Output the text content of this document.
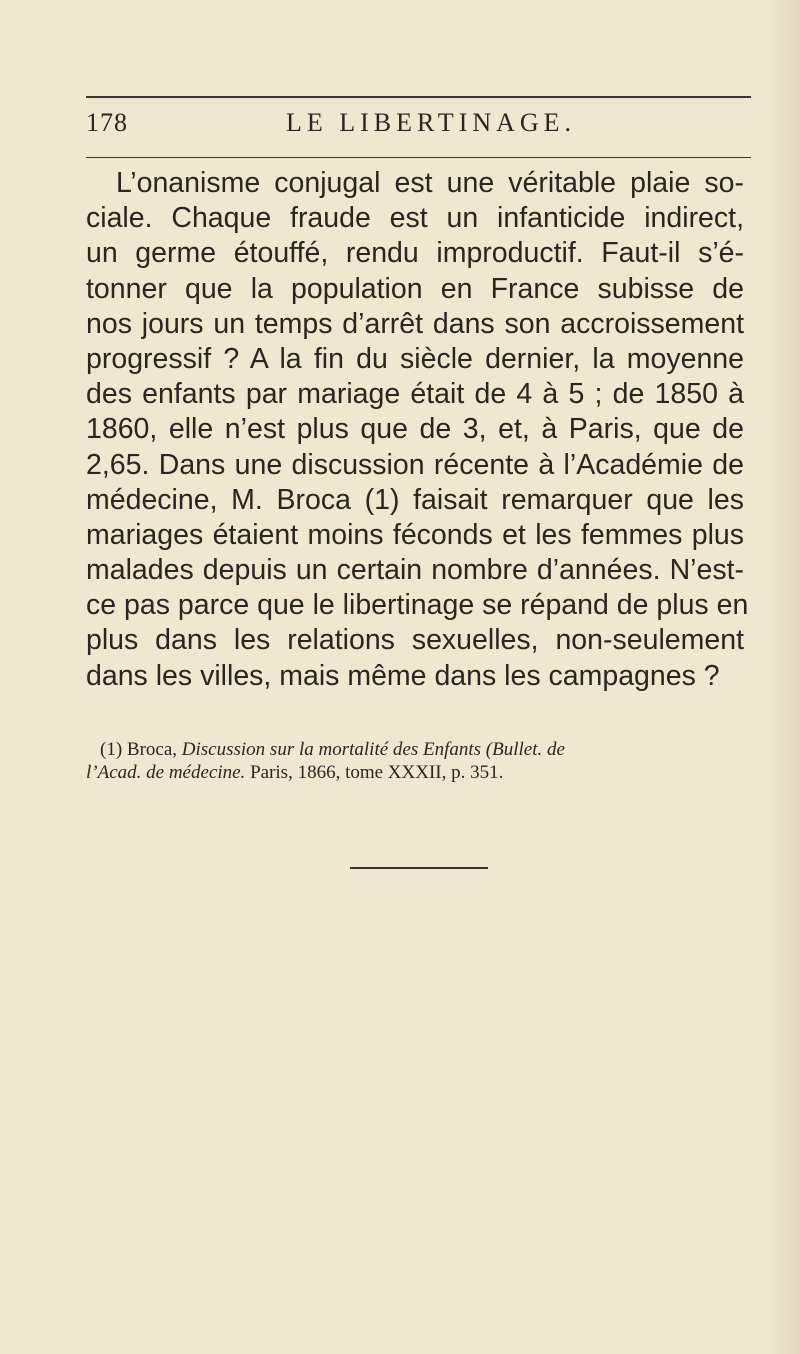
178	LE LIBERTINAGE.
L’onanisme conjugal est une véritable plaie so-
ciale. Chaque fraude est un infanticide indirect,
un germe étouffé, rendu improductif. Faut-il s’é-
tonner que la population en France subisse de
nos jours un temps d’arrêt dans son accroissement
progressif ? A la fin du siècle dernier, la moyenne
des enfants par mariage était de 4 à 5 ; de 1850 à
1860, elle n’est plus que de 3, et, à Paris, que de
2,65. Dans une discussion récente à l’Académie de
médecine, M. Broca (1) faisait remarquer que les
mariages étaient moins féconds et les femmes plus
malades depuis un certain nombre d’années. N’est-
ce pas parce que le libertinage se répand de plus en
plus dans les relations sexuelles, non-seulement
dans les villes, mais même dans les campagnes ?
(1) Broca, Discussion sur la mortalité des Enfants (Bullet. de
l’Acad. de médecine. Paris, 1866, tome XXXII, p. 351.
